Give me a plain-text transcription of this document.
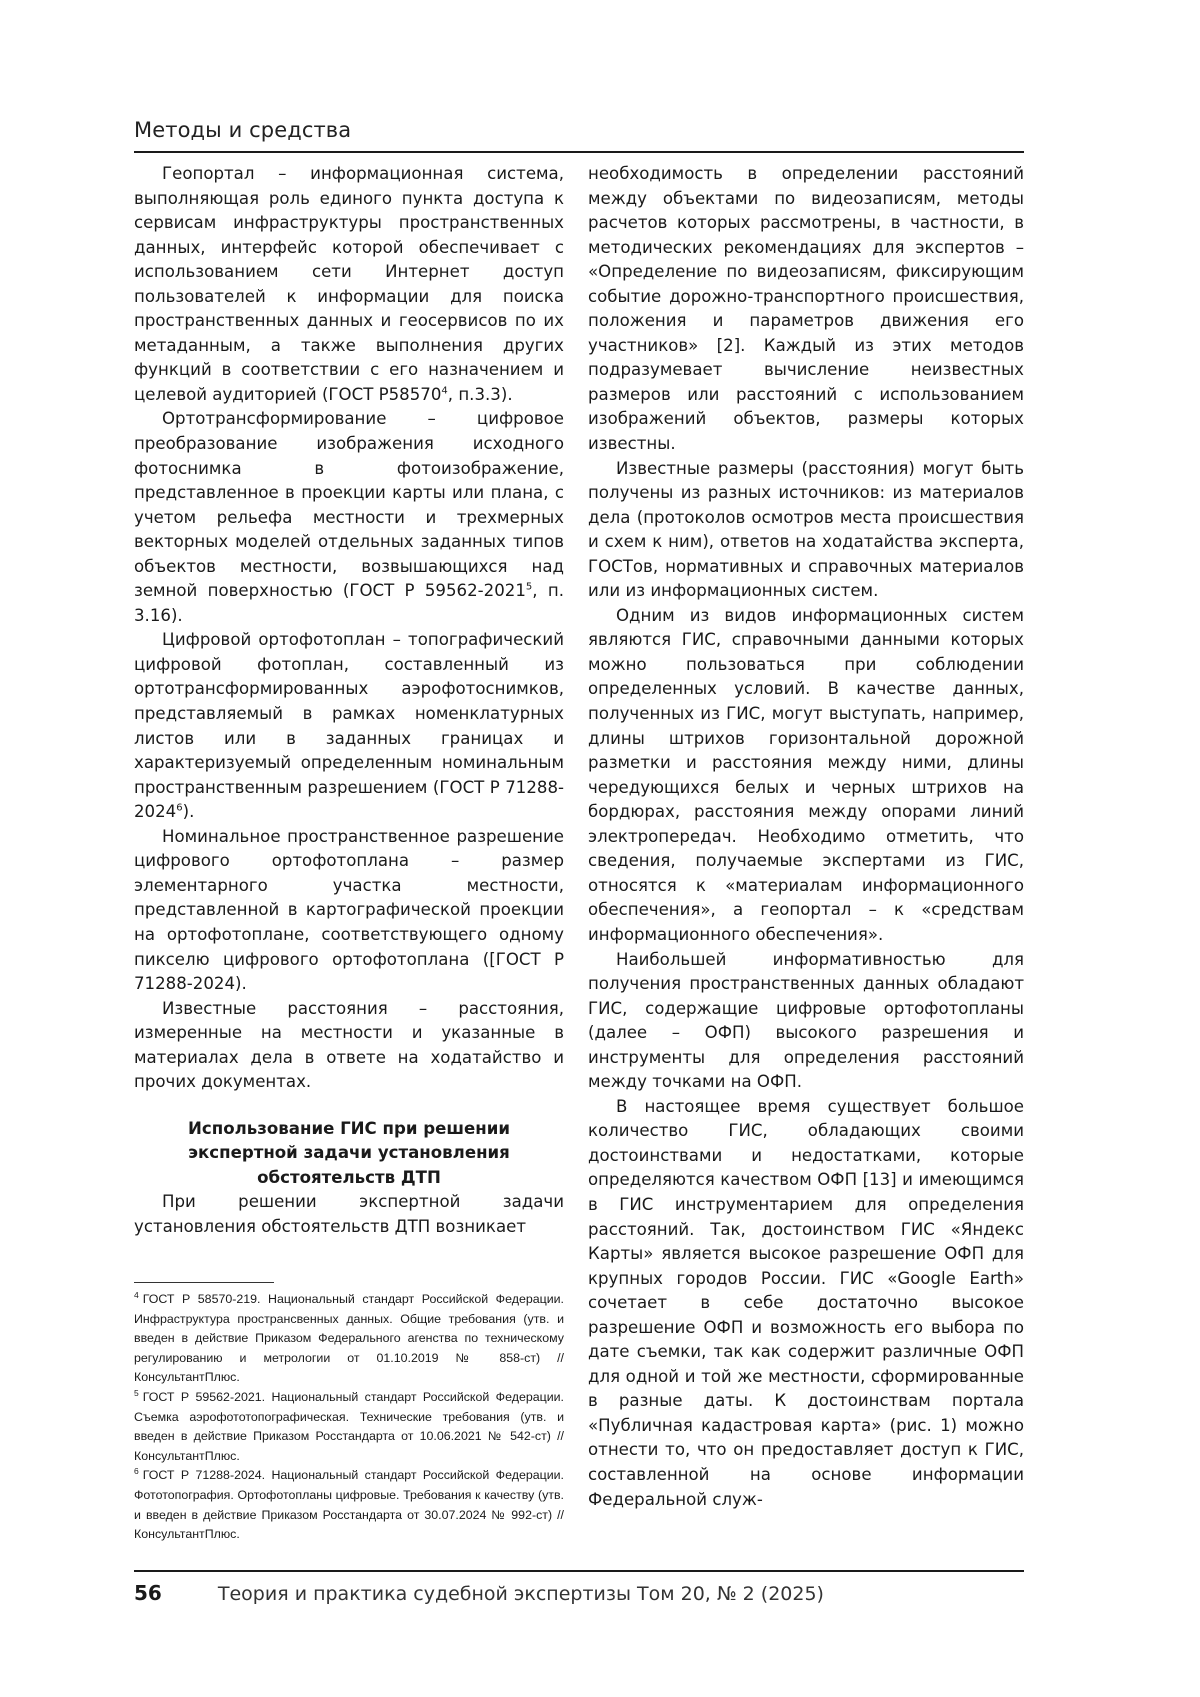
Методы и средства

Геопортал – информационная система, выполняющая роль единого пункта доступа к сервисам инфраструктуры пространственных данных, интерфейс которой обеспечивает с использованием сети Интернет доступ пользователей к информации для поиска пространственных данных и геосервисов по их метаданным, а также выполнения других функций в соответствии с его назначением и целевой аудиторией (ГОСТ Р58570$^4$, п.3.3).

Ортотрансформирование – цифровое преобразование изображения исходного фотоснимка в фотоизображение, представленное в проекции карты или плана, с учетом рельефа местности и трехмерных векторных моделей отдельных заданных типов объектов местности, возвышающихся над земной поверхностью (ГОСТ Р 59562-2021$^5$, п. 3.16).

Цифровой ортофотоплан – топографический цифровой фотоплан, составленный из ортотрансформированных аэрофотоснимков, представляемый в рамках номенклатурных листов или в заданных границах и характеризуемый определенным номинальным пространственным разрешением (ГОСТ Р 71288-2024$^6$).

Номинальное пространственное разрешение цифрового ортофотоплана – размер элементарного участка местности, представленной в картографической проекции на ортофотоплане, соответствующего одному пикселю цифрового ортофотоплана ([ГОСТ Р 71288-2024).

Известные расстояния – расстояния, измеренные на местности и указанные в материалах дела в ответе на ходатайство и прочих документах.

Использование ГИС при решении экспертной задачи установления обстоятельств ДТП

При решении экспертной задачи установления обстоятельств ДТП возникает

$^4$ ГОСТ Р 58570-219. Национальный стандарт Российской Федерации. Инфраструктура пространсвенных данных. Общие требования (утв. и введен в действие Приказом Федерального агенства по техническому регулированию и метрологии от 01.10.2019 № 858-ст) // КонсультантПлюс.

$^5$ ГОСТ Р 59562-2021. Национальный стандарт Российской Федерации. Съемка аэрофототопографическая. Технические требования (утв. и введен в действие Приказом Росстандарта от 10.06.2021 № 542-ст) // КонсультантПлюс.

$^6$ ГОСТ Р 71288-2024. Национальный стандарт Российской Федерации. Фототопография. Ортофотопланы цифровые. Требования к качеству (утв. и введен в действие Приказом Росстандарта от 30.07.2024 № 992-ст) // КонсультантПлюс.

необходимость в определении расстояний между объектами по видеозаписям, методы расчетов которых рассмотрены, в частности, в методических рекомендациях для экспертов – «Определение по видеозаписям, фиксирующим событие дорожно-транспортного происшествия, положения и параметров движения его участников» [2]. Каждый из этих методов подразумевает вычисление неизвестных размеров или расстояний с использованием изображений объектов, размеры которых известны.

Известные размеры (расстояния) могут быть получены из разных источников: из материалов дела (протоколов осмотров места происшествия и схем к ним), ответов на ходатайства эксперта, ГОСТов, нормативных и справочных материалов или из информационных систем.

Одним из видов информационных систем являются ГИС, справочными данными которых можно пользоваться при соблюдении определенных условий. В качестве данных, полученных из ГИС, могут выступать, например, длины штрихов горизонтальной дорожной разметки и расстояния между ними, длины чередующихся белых и черных штрихов на бордюрах, расстояния между опорами линий электропередач. Необходимо отметить, что сведения, получаемые экспертами из ГИС, относятся к «материалам информационного обеспечения», а геопортал – к «средствам информационного обеспечения».

Наибольшей информативностью для получения пространственных данных обладают ГИС, содержащие цифровые ортофотопланы (далее – ОФП) высокого разрешения и инструменты для определения расстояний между точками на ОФП.

В настоящее время существует большое количество ГИС, обладающих своими достоинствами и недостатками, которые определяются качеством ОФП [13] и имеющимся в ГИС инструментарием для определения расстояний. Так, достоинством ГИС «Яндекс Карты» является высокое разрешение ОФП для крупных городов России. ГИС «Google Earth» сочетает в себе достаточно высокое разрешение ОФП и возможность его выбора по дате съемки, так как содержит различные ОФП для одной и той же местности, сформированные в разные даты. К достоинствам портала «Публичная кадастровая карта» (рис. 1) можно отнести то, что он предоставляет доступ к ГИС, составленной на основе информации Федеральной служ-

56	Теория и практика судебной экспертизы Том 20, № 2 (2025)
